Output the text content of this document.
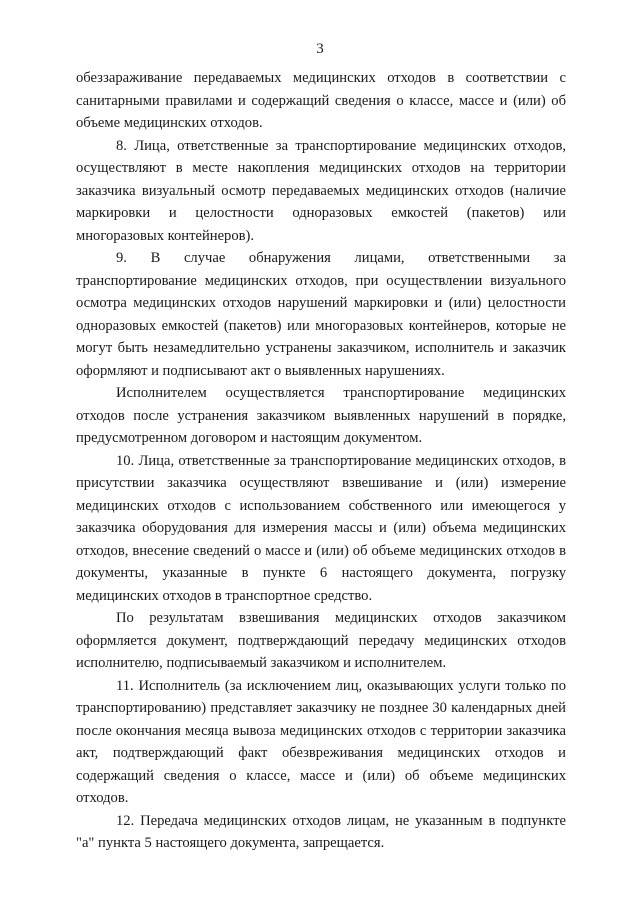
3

обеззараживание передаваемых медицинских отходов в соответствии с санитарными правилами и содержащий сведения о классе, массе и (или) об объеме медицинских отходов.

8. Лица, ответственные за транспортирование медицинских отходов, осуществляют в месте накопления медицинских отходов на территории заказчика визуальный осмотр передаваемых медицинских отходов (наличие маркировки и целостности одноразовых емкостей (пакетов) или многоразовых контейнеров).

9. В случае обнаружения лицами, ответственными за транспортирование медицинских отходов, при осуществлении визуального осмотра медицинских отходов нарушений маркировки и (или) целостности одноразовых емкостей (пакетов) или многоразовых контейнеров, которые не могут быть незамедлительно устранены заказчиком, исполнитель и заказчик оформляют и подписывают акт о выявленных нарушениях.

Исполнителем осуществляется транспортирование медицинских отходов после устранения заказчиком выявленных нарушений в порядке, предусмотренном договором и настоящим документом.

10. Лица, ответственные за транспортирование медицинских отходов, в присутствии заказчика осуществляют взвешивание и (или) измерение медицинских отходов с использованием собственного или имеющегося у заказчика оборудования для измерения массы и (или) объема медицинских отходов, внесение сведений о массе и (или) об объеме медицинских отходов в документы, указанные в пункте 6 настоящего документа, погрузку медицинских отходов в транспортное средство.

По результатам взвешивания медицинских отходов заказчиком оформляется документ, подтверждающий передачу медицинских отходов исполнителю, подписываемый заказчиком и исполнителем.

11. Исполнитель (за исключением лиц, оказывающих услуги только по транспортированию) представляет заказчику не позднее 30 календарных дней после окончания месяца вывоза медицинских отходов с территории заказчика акт, подтверждающий факт обезвреживания медицинских отходов и содержащий сведения о классе, массе и (или) об объеме медицинских отходов.

12. Передача медицинских отходов лицам, не указанным в подпункте "а" пункта 5 настоящего документа, запрещается.
